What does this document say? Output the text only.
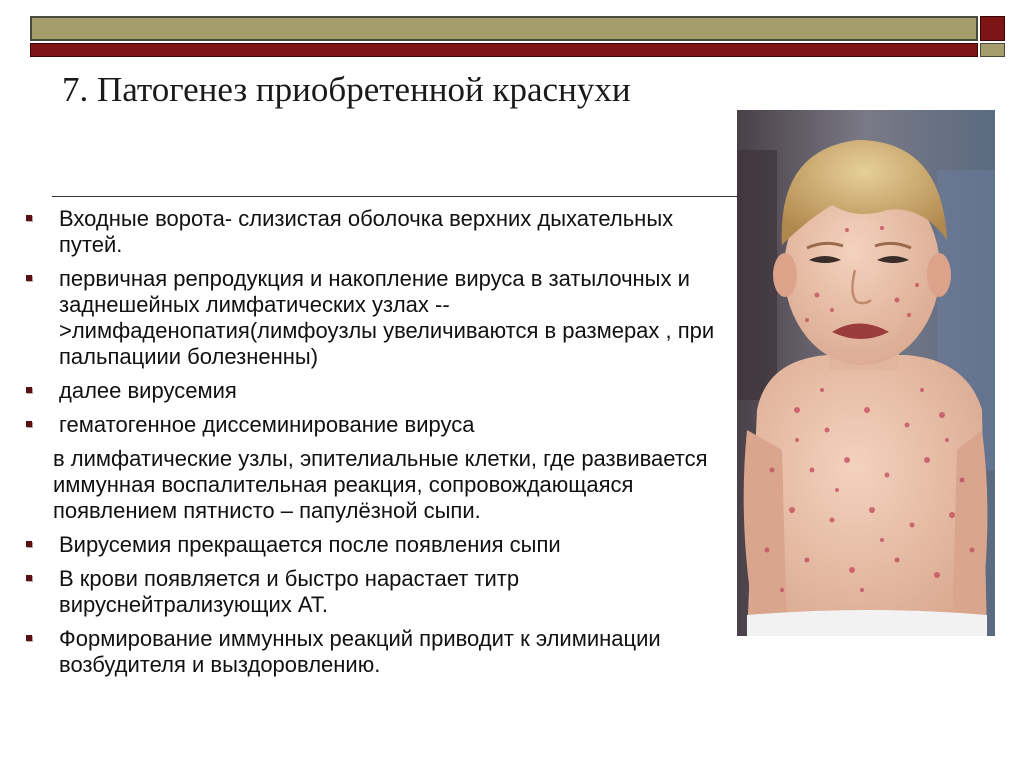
7. Патогенез приобретенной краснухи
Входные ворота- слизистая оболочка верхних дыхательных путей.
первичная репродукция и накопление вируса в затылочных и заднешейных лимфатических узлах -->лимфаденопатия(лимфоузлы увеличиваются в размерах , при пальпациии болезненны)
далее вирусемия
гематогенное диссеминирование вируса
в лимфатические узлы, эпителиальные клетки, где развивается иммунная воспалительная реакция, сопровождающаяся появлением пятнисто – папулёзной сыпи.
Вирусемия прекращается после появления сыпи
В крови появляется и быстро нарастает титр вируснейтрализующих АТ.
Формирование иммунных реакций приводит к элиминации возбудителя и выздоровлению.
